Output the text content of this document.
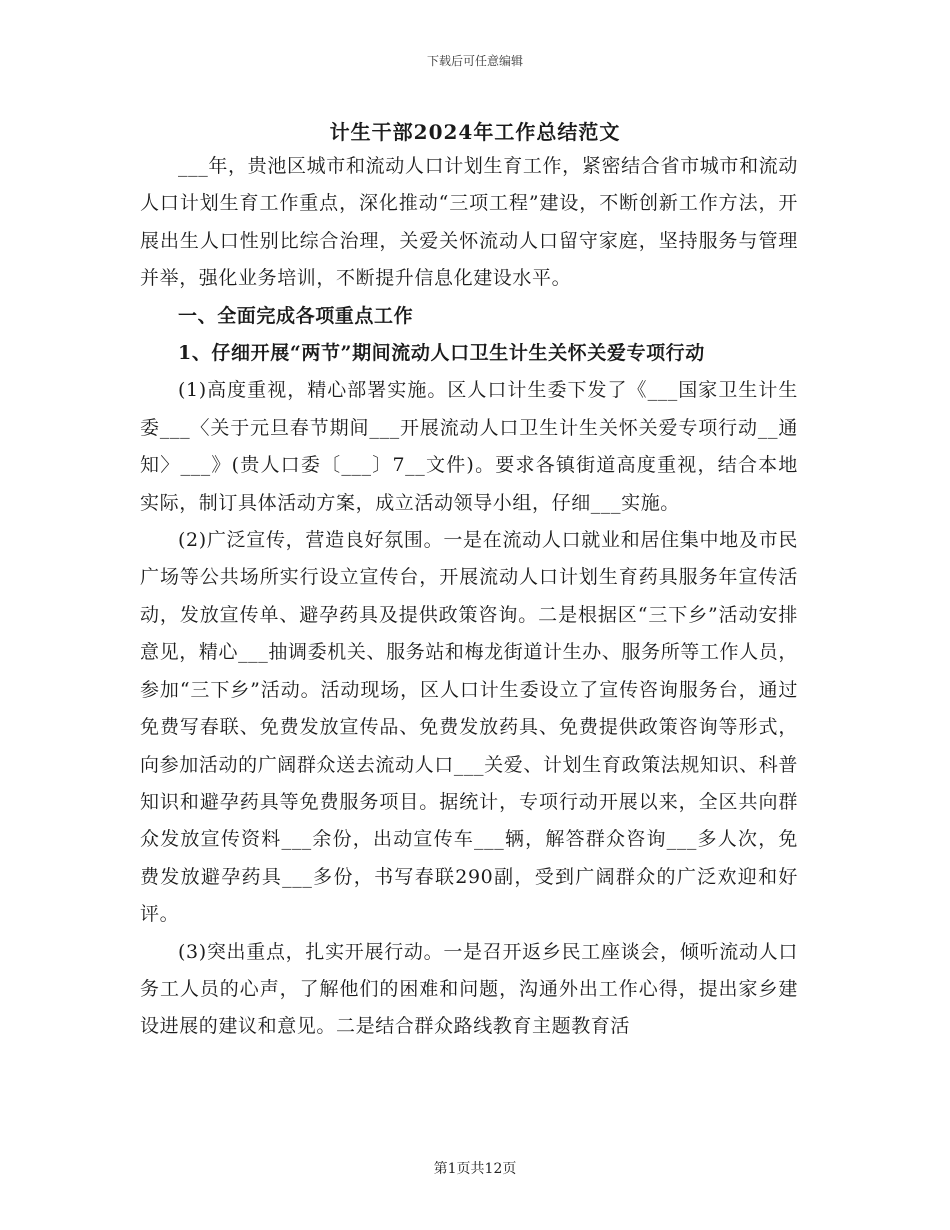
下载后可任意编辑
计生干部2024年工作总结范文

___年，贵池区城市和流动人口计划生育工作，紧密结合省市城市和流动人口计划生育工作重点，深化推动“三项工程”建设，不断创新工作方法，开展出生人口性别比综合治理，关爱关怀流动人口留守家庭，坚持服务与管理并举，强化业务培训，不断提升信息化建设水平。

一、全面完成各项重点工作

1、仔细开展“两节”期间流动人口卫生计生关怀关爱专项行动

(1)高度重视，精心部署实施。区人口计生委下发了《___国家卫生计生委___〈关于元旦春节期间___开展流动人口卫生计生关怀关爱专项行动__通知〉___》(贵人口委〔___〕7__文件)。要求各镇街道高度重视，结合本地实际，制订具体活动方案，成立活动领导小组，仔细___实施。

(2)广泛宣传，营造良好氛围。一是在流动人口就业和居住集中地及市民广场等公共场所实行设立宣传台，开展流动人口计划生育药具服务年宣传活动，发放宣传单、避孕药具及提供政策咨询。二是根据区“三下乡”活动安排意见，精心___抽调委机关、服务站和梅龙街道计生办、服务所等工作人员，参加“三下乡”活动。活动现场，区人口计生委设立了宣传咨询服务台，通过免费写春联、免费发放宣传品、免费发放药具、免费提供政策咨询等形式，向参加活动的广阔群众送去流动人口___关爱、计划生育政策法规知识、科普知识和避孕药具等免费服务项目。据统计，专项行动开展以来，全区共向群众发放宣传资料___余份，出动宣传车___辆，解答群众咨询___多人次，免费发放避孕药具___多份，书写春联290副，受到广阔群众的广泛欢迎和好评。

(3)突出重点，扎实开展行动。一是召开返乡民工座谈会，倾听流动人口务工人员的心声，了解他们的困难和问题，沟通外出工作心得，提出家乡建设进展的建议和意见。二是结合群众路线教育主题教育活

第1页共12页
